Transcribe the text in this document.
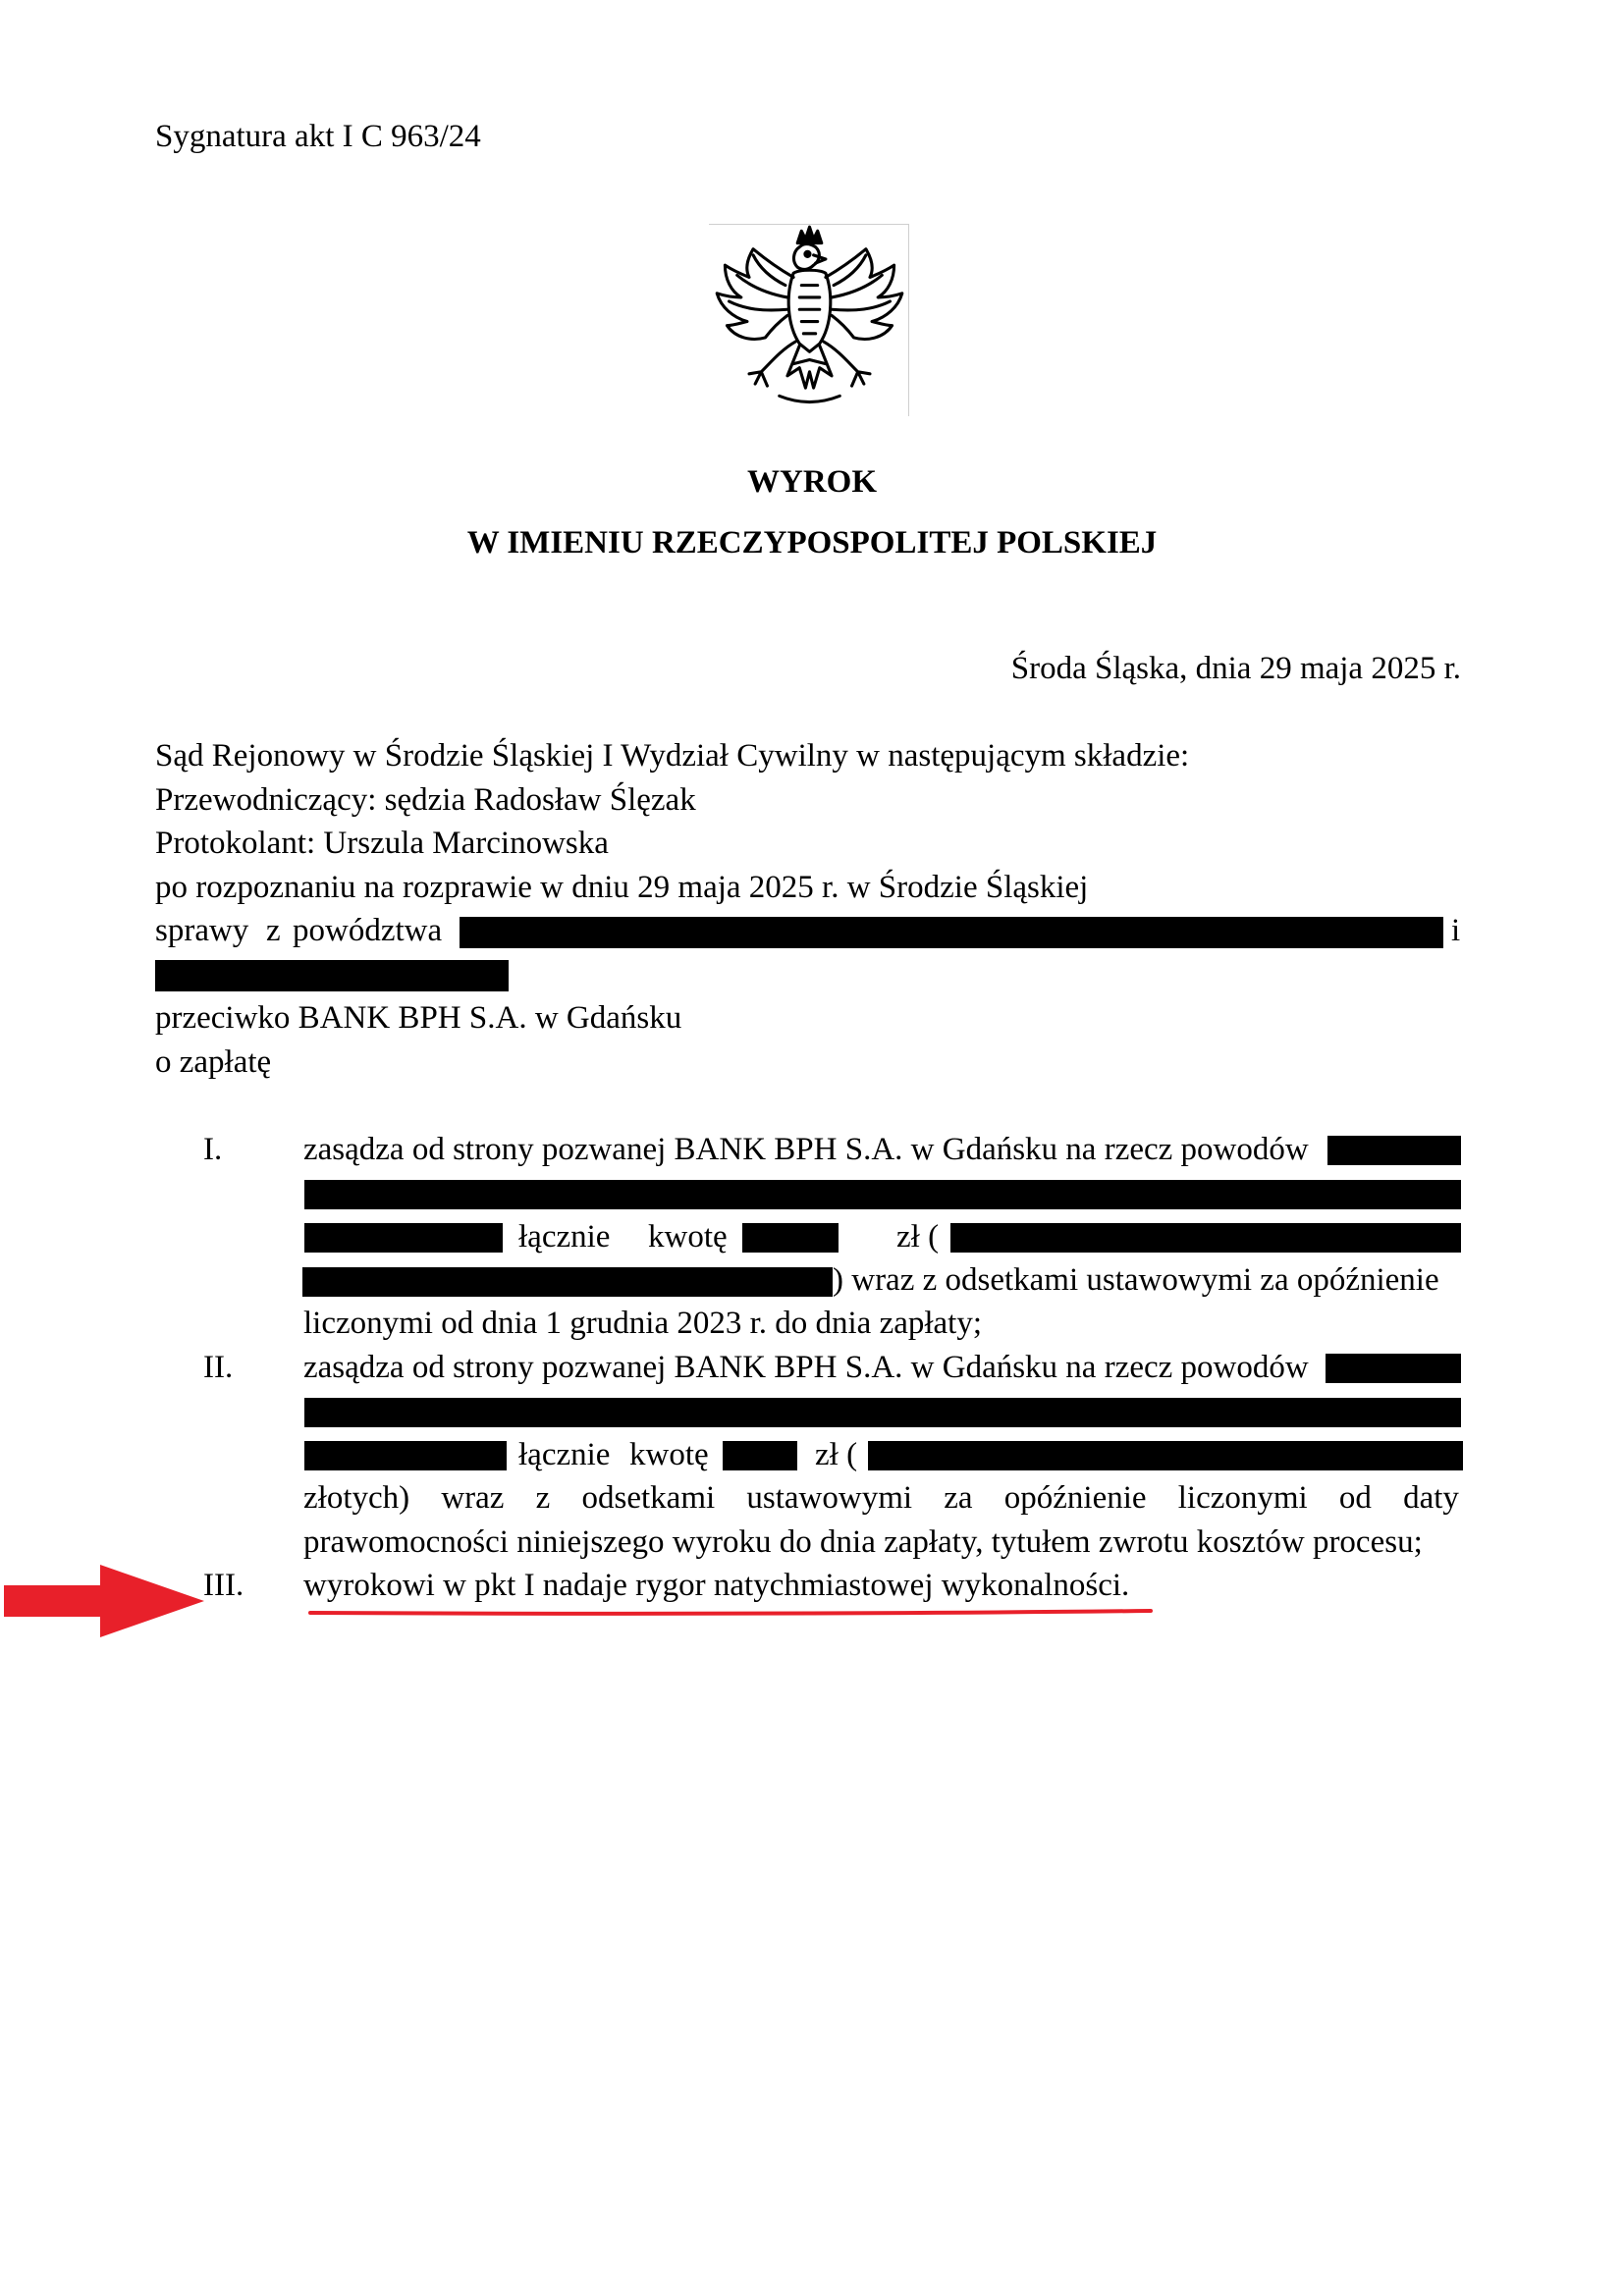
Sygnatura akt I C 963/24
WYROK
W IMIENIU RZECZYPOSPOLITEJ POLSKIEJ
Środa Śląska, dnia 29 maja 2025 r.
Sąd Rejonowy w Środzie Śląskiej I Wydział Cywilny w następującym składzie:
Przewodniczący: sędzia Radosław Ślęzak
Protokolant: Urszula Marcinowska
po rozpoznaniu na rozprawie w dniu 29 maja 2025 r. w Środzie Śląskiej
sprawy z powództwa	i
przeciwko BANK BPH S.A. w Gdańsku
o zapłatę
I.	zasądza od strony pozwanej BANK BPH S.A. w Gdańsku na rzecz powodów
łącznie kwotę	zł (
) wraz z odsetkami ustawowymi za opóźnienie
liczonymi od dnia 1 grudnia 2023 r. do dnia zapłaty;
II. zasądza od strony pozwanej BANK BPH S.A. w Gdańsku na rzecz powodów
łącznie kwotę	zł (
złotych) wraz z odsetkami ustawowymi za opóźnienie liczonymi od daty
prawomocności niniejszego wyroku do dnia zapłaty, tytułem zwrotu kosztów procesu;
III. wyrokowi w pkt I nadaje rygor natychmiastowej wykonalności.
